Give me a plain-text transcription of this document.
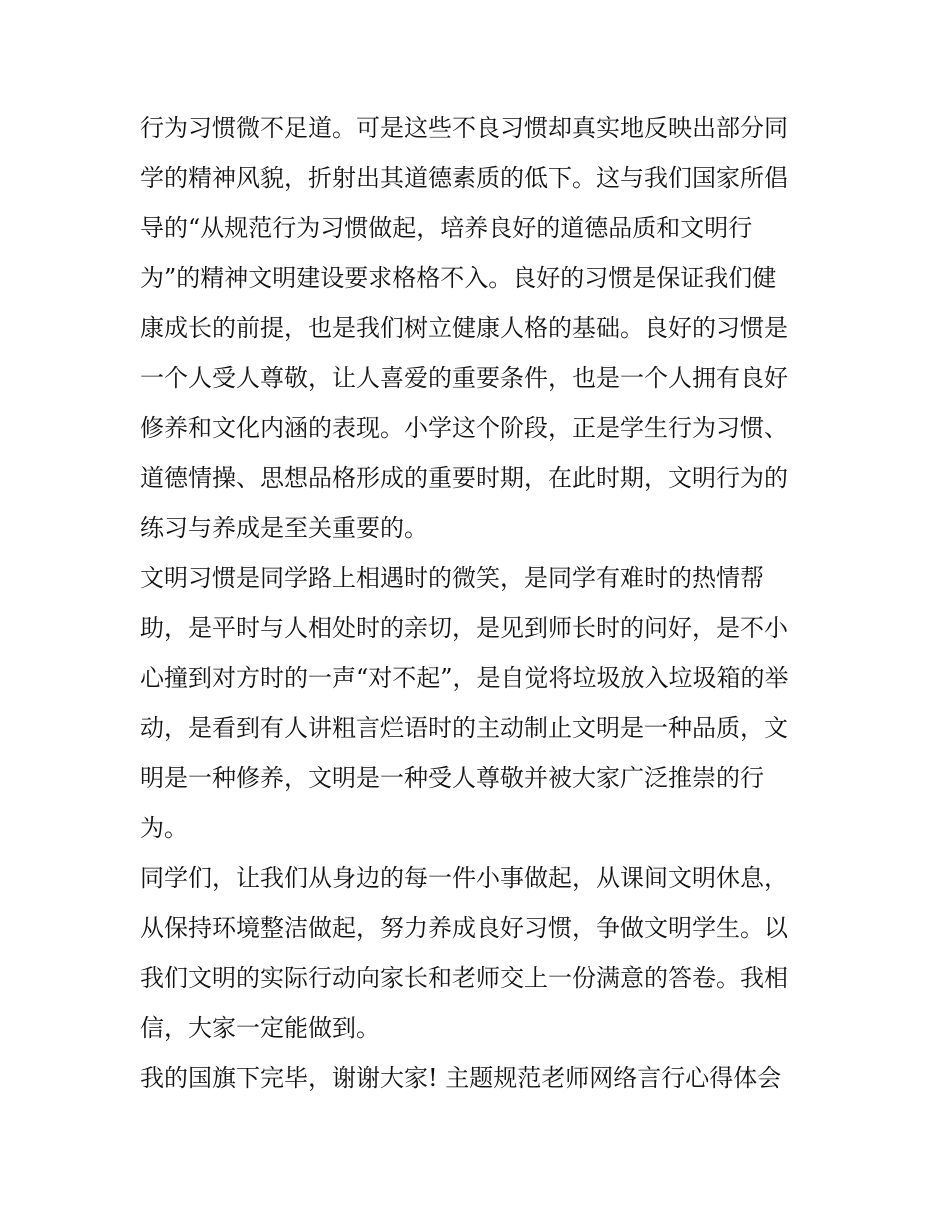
行为习惯微不足道。可是这些不良习惯却真实地反映出部分同
学的精神风貌，折射出其道德素质的低下。这与我们国家所倡
导的“从规范行为习惯做起，培养良好的道德品质和文明行
为”的精神文明建设要求格格不入。良好的习惯是保证我们健
康成长的前提，也是我们树立健康人格的基础。良好的习惯是
一个人受人尊敬，让人喜爱的重要条件，也是一个人拥有良好
修养和文化内涵的表现。小学这个阶段，正是学生行为习惯、
道德情操、思想品格形成的重要时期，在此时期，文明行为的
练习与养成是至关重要的。
文明习惯是同学路上相遇时的微笑，是同学有难时的热情帮
助，是平时与人相处时的亲切，是见到师长时的问好，是不小
心撞到对方时的一声“对不起”，是自觉将垃圾放入垃圾箱的举
动，是看到有人讲粗言烂语时的主动制止文明是一种品质，文
明是一种修养，文明是一种受人尊敬并被大家广泛推崇的行
为。
同学们，让我们从身边的每一件小事做起，从课间文明休息，
从保持环境整洁做起，努力养成良好习惯，争做文明学生。以
我们文明的实际行动向家长和老师交上一份满意的答卷。我相
信，大家一定能做到。
我的国旗下完毕，谢谢大家! 主题规范老师网络言行心得体会
